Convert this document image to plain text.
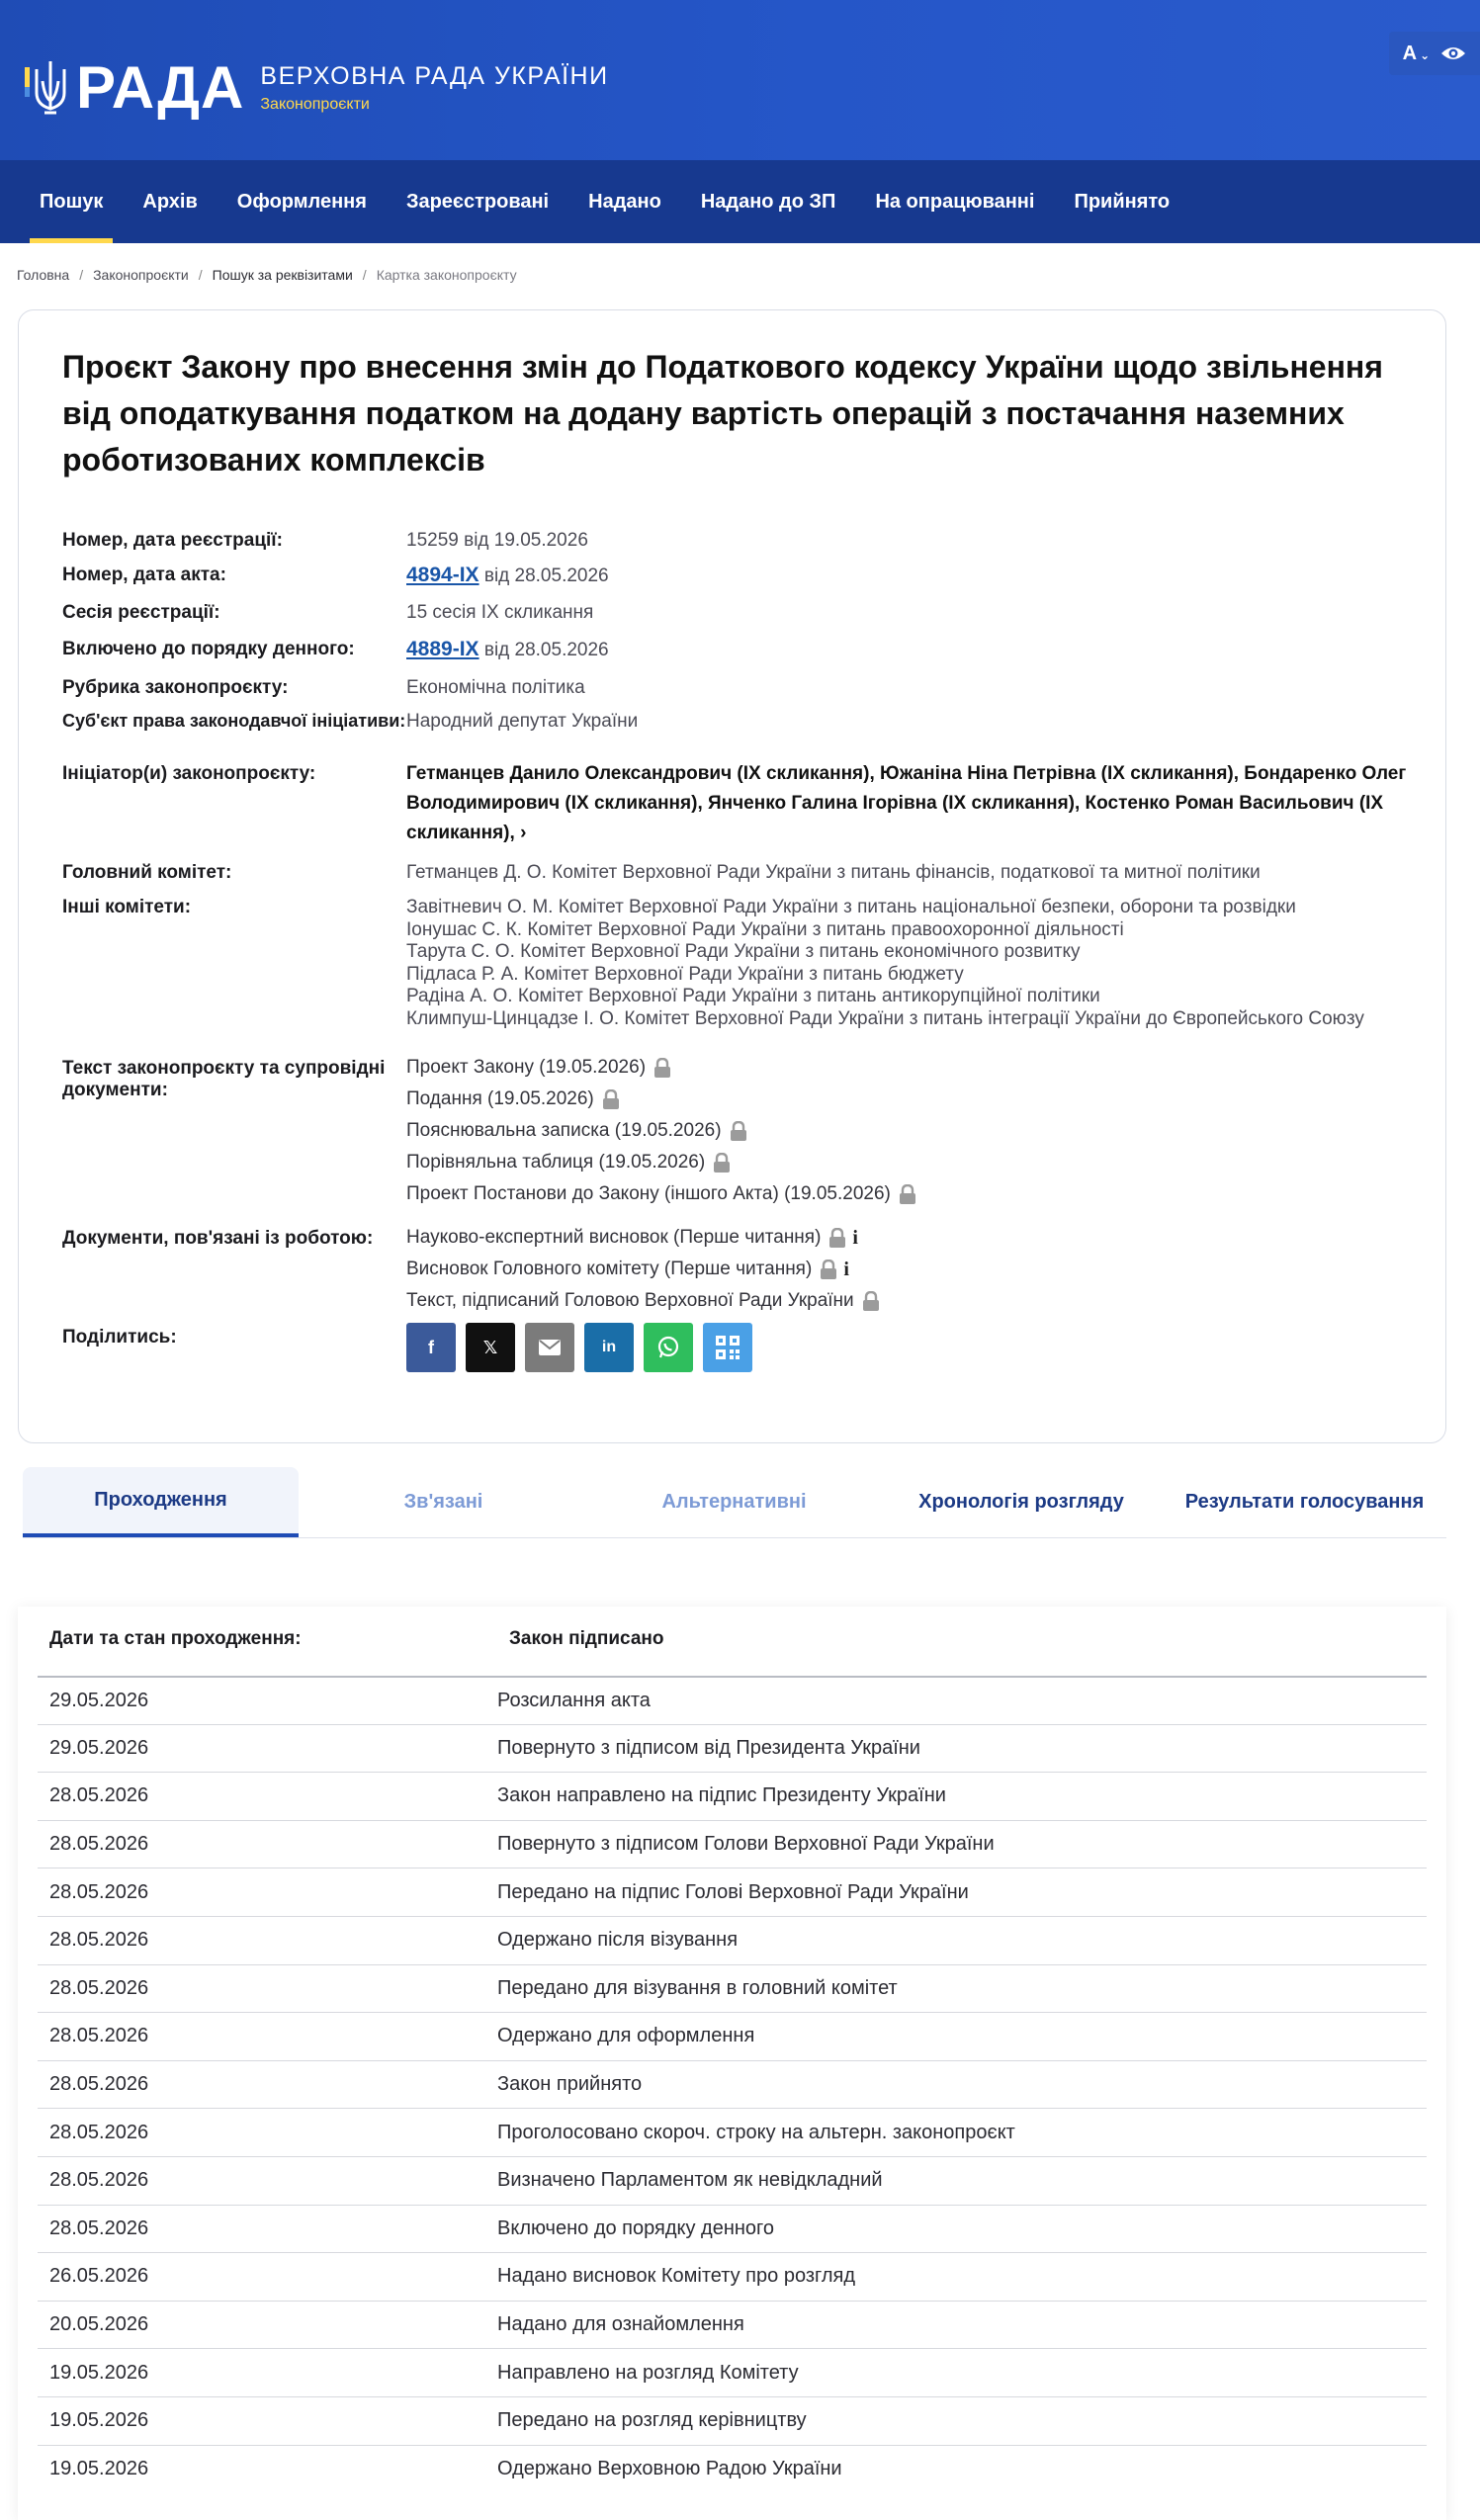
РАДА ВЕРХОВНА РАДА УКРАЇНИ
Законопроєкти
A ⌄
Пошук	Архів	Оформлення	Зареєстровані	Надано	Надано до ЗП	На опрацюванні	Прийнято
Головна / Законопроєкти / Пошук за реквізитами / Картка законопроєкту
Проєкт Закону про внесення змін до Податкового кодексу України щодо звільнення від оподаткування податком на додану вартість операцій з постачання наземних роботизованих комплексів
Номер, дата реєстрації:	15259 від 19.05.2026
Номер, дата акта:	4894-IX від 28.05.2026
Сесія реєстрації:	15 сесія IX скликання
Включено до порядку денного:	4889-IX від 28.05.2026
Рубрика законопроєкту:	Економічна політика
Суб'єкт права законодавчої ініціативи: Народний депутат України
Ініціатор(и) законопроєкту:	Гетманцев Данило Олександрович (IX скликання), Южаніна Ніна Петрівна (IX скликання), Бондаренко Олег Володимирович (IX скликання), Янченко Галина Ігорівна (IX скликання), Костенко Роман Васильович (IX скликання), ›
Головний комітет:	Гетманцев Д. О. Комітет Верховної Ради України з питань фінансів, податкової та митної політики
Інші комітети:	Завітневич О. М. Комітет Верховної Ради України з питань національної безпеки, оборони та розвідки
Іонушас С. К. Комітет Верховної Ради України з питань правоохоронної діяльності
Тарута С. О. Комітет Верховної Ради України з питань економічного розвитку
Підласа Р. А. Комітет Верховної Ради України з питань бюджету
Радіна А. О. Комітет Верховної Ради України з питань антикорупційної політики
Климпуш-Цинцадзе І. О. Комітет Верховної Ради України з питань інтеграції України до Європейського Союзу
Текст законопроєкту та супровідні документи:
Проект Закону (19.05.2026)
Подання (19.05.2026)
Пояснювальна записка (19.05.2026)
Порівняльна таблиця (19.05.2026)
Проект Постанови до Закону (іншого Акта) (19.05.2026)
Документи, пов'язані із роботою:	Науково-експертний висновок (Перше читання) i
Висновок Головного комітету (Перше читання) i
Текст, підписаний Головою Верховної Ради України
Поділитись:	f	𝕏	in
Проходження	Зв'язані	Альтернативні	Хронологія розгляду	Результати голосування
Дати та стан проходження:	Закон підписано
29.05.2026	Розсилання акта
29.05.2026	Повернуто з підписом від Президента України
28.05.2026	Закон направлено на підпис Президенту України
28.05.2026	Повернуто з підписом Голови Верховної Ради України
28.05.2026	Передано на підпис Голові Верховної Ради України
28.05.2026	Одержано після візування
28.05.2026	Передано для візування в головний комітет
28.05.2026	Одержано для оформлення
28.05.2026	Закон прийнято
28.05.2026	Проголосовано скороч. строку на альтерн. законопроєкт
28.05.2026	Визначено Парламентом як невідкладний
28.05.2026	Включено до порядку денного
26.05.2026	Надано висновок Комітету про розгляд
20.05.2026	Надано для ознайомлення
19.05.2026	Направлено на розгляд Комітету
19.05.2026	Передано на розгляд керівництву
19.05.2026	Одержано Верховною Радою України
